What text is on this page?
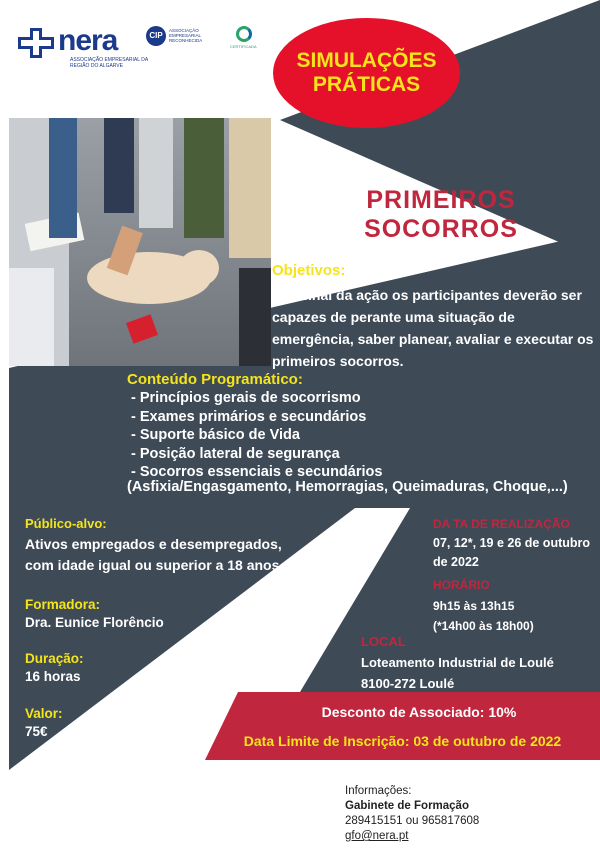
nera
ASSOCIAÇÃO EMPRESARIAL DA REGIÃO DO ALGARVE
CIP
ASSOCIAÇÃO EMPRESARIAL RECONHECIDA
CERTIFICADA
SIMULAÇÕES PRÁTICAS
PRIMEIROS SOCORROS
Objetivos:
• No final da ação os participantes deverão ser capazes de perante uma situação de emergência, saber planear, avaliar e executar os primeiros socorros.
Conteúdo Programático:
- Princípios gerais de socorrismo
- Exames primários e secundários
- Suporte básico de Vida
- Posição lateral de segurança
- Socorros essenciais e secundários
(Asfixia/Engasgamento, Hemorragias, Queimaduras, Choque,...)
Público-alvo:
Ativos empregados e desempregados, com idade igual ou superior a 18 anos.
Formadora:
Dra. Eunice Florêncio
Duração:
16 horas
Valor:
75€
DA TA DE REALIZAÇÃO
07, 12*, 19 e 26 de outubro de 2022
HORÁRIO
9h15 às 13h15
(*14h00 às 18h00)
LOCAL
Loteamento Industrial de Loulé
8100-272 Loulé
Desconto de Associado: 10%
Data Limite de Inscrição: 03 de outubro de 2022
Informações:
Gabinete de Formação
289415151 ou 965817608
gfo@nera.pt
